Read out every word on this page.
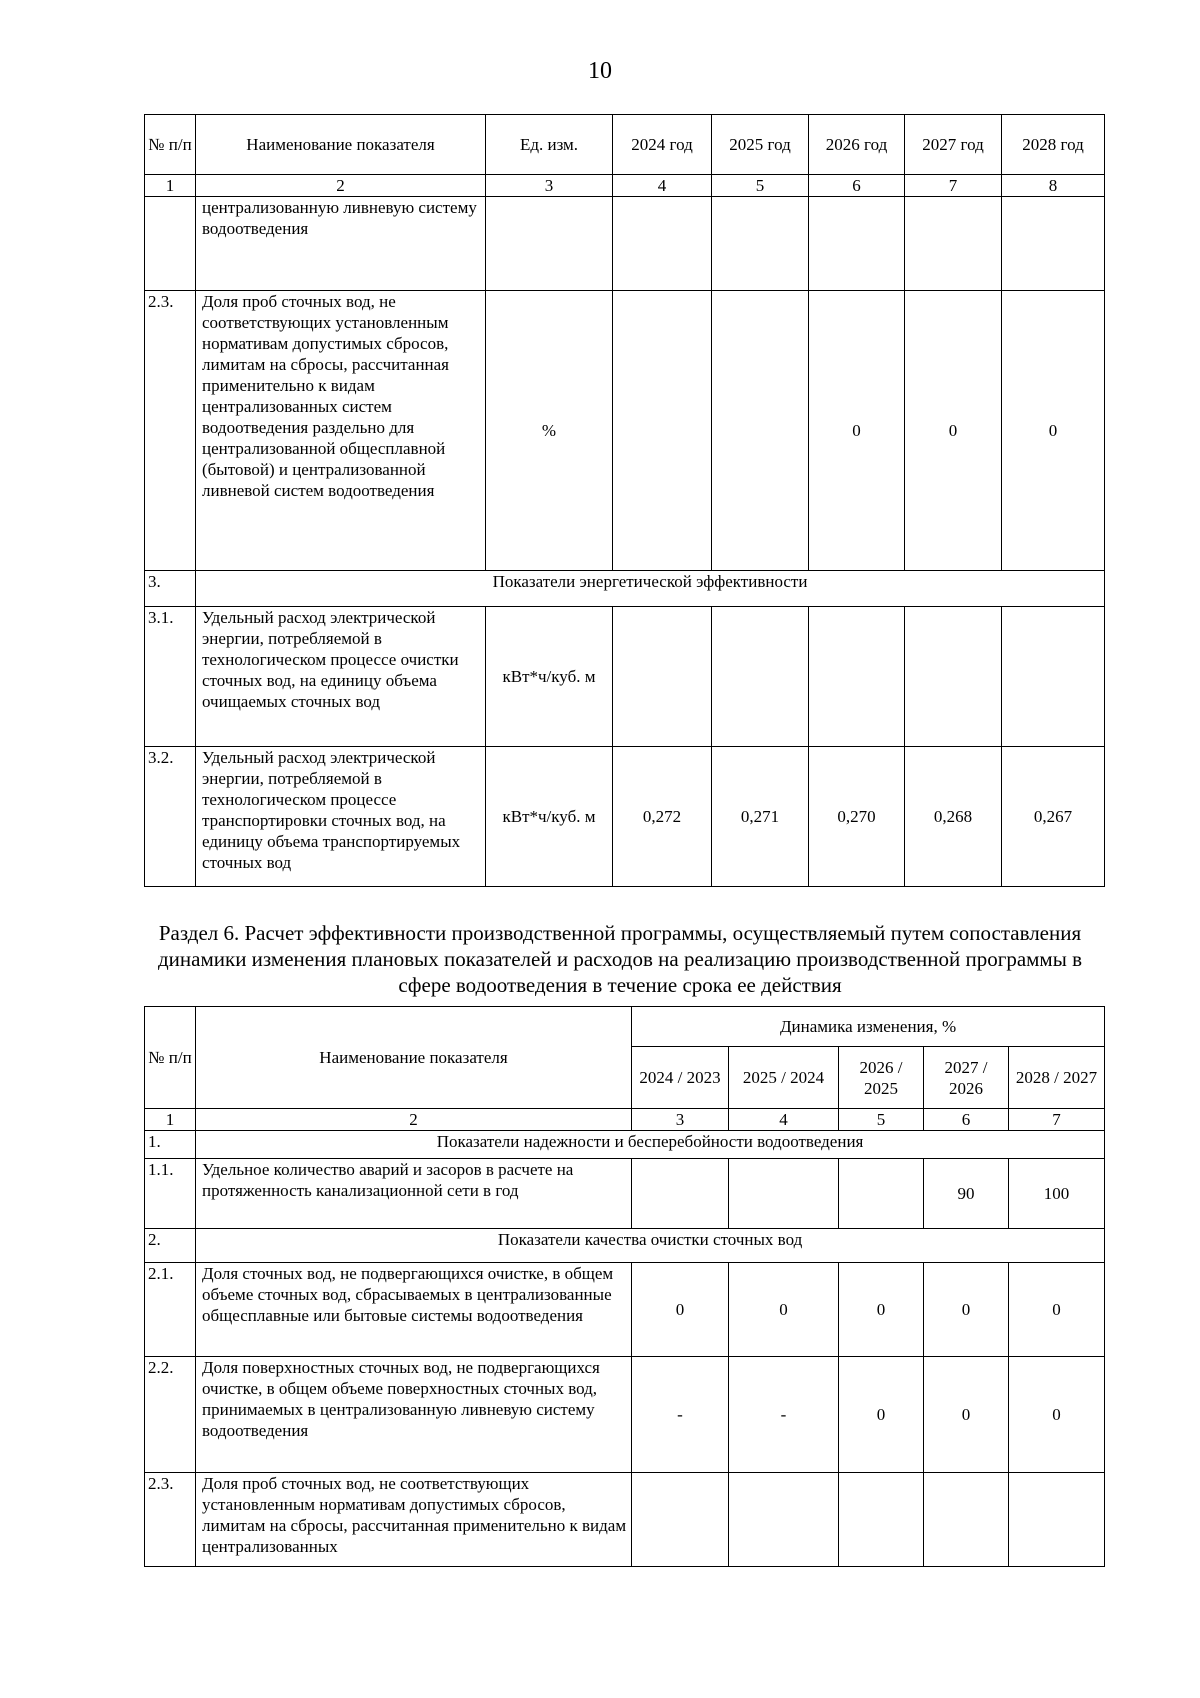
10
№ п/п	Наименование показателя	Ед. изм.	2024 год	2025 год	2026 год	2027 год	2028 год
1	2	3	4	5	6	7	8
	централизованную ливневую систему водоотведения						
2.3.	Доля проб сточных вод, не соответствующих установленным нормативам допустимых сбросов, лимитам на сбросы, рассчитанная применительно к видам централизованных систем водоотведения раздельно для централизованной общесплавной (бытовой) и централизованной ливневой систем водоотведения	%			0	0	0
3.	Показатели энергетической эффективности						
3.1.	Удельный расход электрической энергии, потребляемой в технологическом процессе очистки сточных вод, на единицу объема очищаемых сточных вод	кВт*ч/куб. м					
3.2.	Удельный расход электрической энергии, потребляемой в технологическом процессе транспортировки сточных вод, на единицу объема транспортируемых сточных вод	кВт*ч/куб. м	0,272	0,271	0,270	0,268	0,267
Раздел 6. Расчет эффективности производственной программы, осуществляемый путем сопоставления динамики изменения плановых показателей и расходов на реализацию производственной программы в сфере водоотведения в течение срока ее действия
№ п/п	Наименование показателя	Динамика изменения, %				
		2024 / 2023	2025 / 2024	2026 / 2025	2027 / 2026	2028 / 2027
1	2	3	4	5	6	7
1.	Показатели надежности и бесперебойности водоотведения					
1.1.	Удельное количество аварий и засоров в расчете на протяженность канализационной сети в год				90	100
2.	Показатели качества очистки сточных вод					
2.1.	Доля сточных вод, не подвергающихся очистке, в общем объеме сточных вод, сбрасываемых в централизованные общесплавные или бытовые системы водоотведения	0	0	0	0	0
2.2.	Доля поверхностных сточных вод, не подвергающихся очистке, в общем объеме поверхностных сточных вод, принимаемых в централизованную ливневую систему водоотведения	-	-	0	0	0
2.3.	Доля проб сточных вод, не соответствующих установленным нормативам допустимых сбросов, лимитам на сбросы, рассчитанная применительно к видам централизованных					
